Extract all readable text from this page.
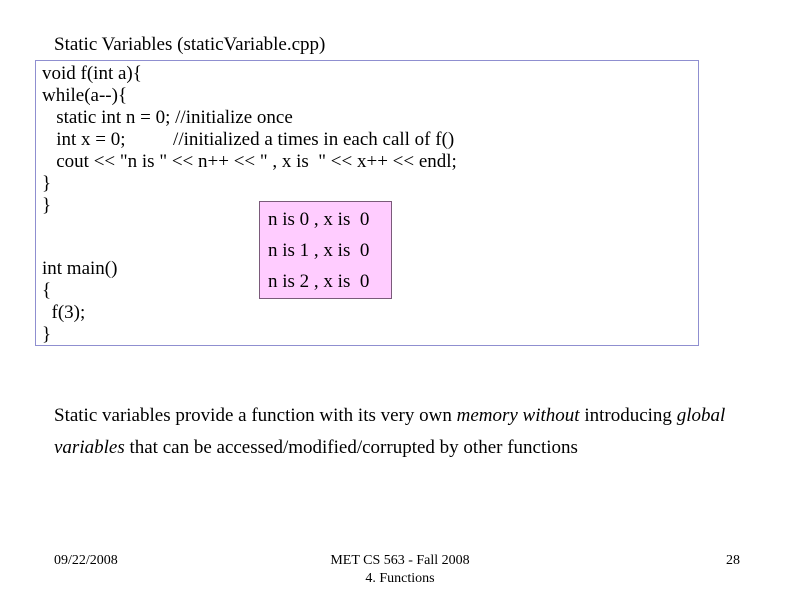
Static Variables (staticVariable.cpp)
void f(int a){
while(a--){
static int n = 0; //initialize once
int x = 0;          //initialized a times in each call of f()
cout << "n is " << n++ << " , x is  " << x++ << endl;
}
}
int main()
{
f(3);
}
n is 0 , x is  0
n is 1 , x is  0
n is 2 , x is  0
Static variables provide a function with its very own memory without introducing global variables that can be accessed/modified/corrupted by other functions
09/22/2008	MET CS 563 - Fall 2008
4. Functions
28
